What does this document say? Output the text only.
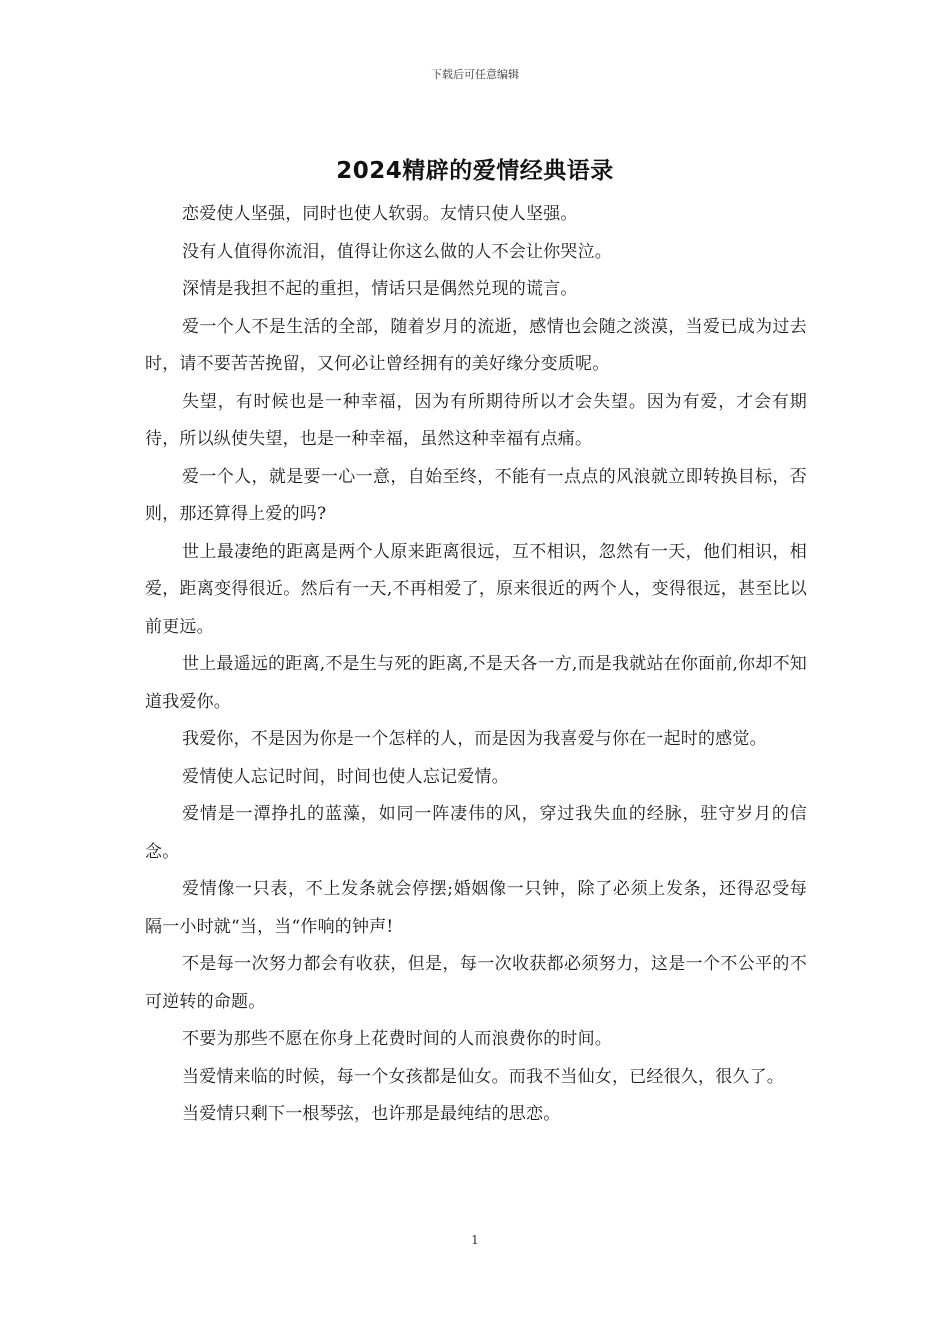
下载后可任意编辑
2024精辟的爱情经典语录

恋爱使人坚强，同时也使人软弱。友情只使人坚强。

没有人值得你流泪，值得让你这么做的人不会让你哭泣。

深情是我担不起的重担，情话只是偶然兑现的谎言。

爱一个人不是生活的全部，随着岁月的流逝，感情也会随之淡漠，当爱已成为过去时，请不要苦苦挽留，又何必让曾经拥有的美好缘分变质呢。

失望，有时候也是一种幸福，因为有所期待所以才会失望。因为有爱，才会有期待，所以纵使失望，也是一种幸福，虽然这种幸福有点痛。

爱一个人，就是要一心一意，自始至终，不能有一点点的风浪就立即转换目标，否则，那还算得上爱的吗?

世上最凄绝的距离是两个人原来距离很远，互不相识，忽然有一天，他们相识，相爱，距离变得很近。然后有一天,不再相爱了，原来很近的两个人，变得很远，甚至比以前更远。

世上最遥远的距离,不是生与死的距离,不是天各一方,而是我就站在你面前,你却不知道我爱你。

我爱你，不是因为你是一个怎样的人，而是因为我喜爱与你在一起时的感觉。

爱情使人忘记时间，时间也使人忘记爱情。

爱情是一潭挣扎的蓝藻，如同一阵凄伟的风，穿过我失血的经脉，驻守岁月的信念。

爱情像一只表，不上发条就会停摆;婚姻像一只钟，除了必须上发条，还得忍受每隔一小时就“当，当“作响的钟声!

不是每一次努力都会有收获，但是，每一次收获都必须努力，这是一个不公平的不可逆转的命题。

不要为那些不愿在你身上花费时间的人而浪费你的时间。

当爱情来临的时候，每一个女孩都是仙女。而我不当仙女，已经很久，很久了。

当爱情只剩下一根琴弦，也许那是最纯结的思恋。

1
